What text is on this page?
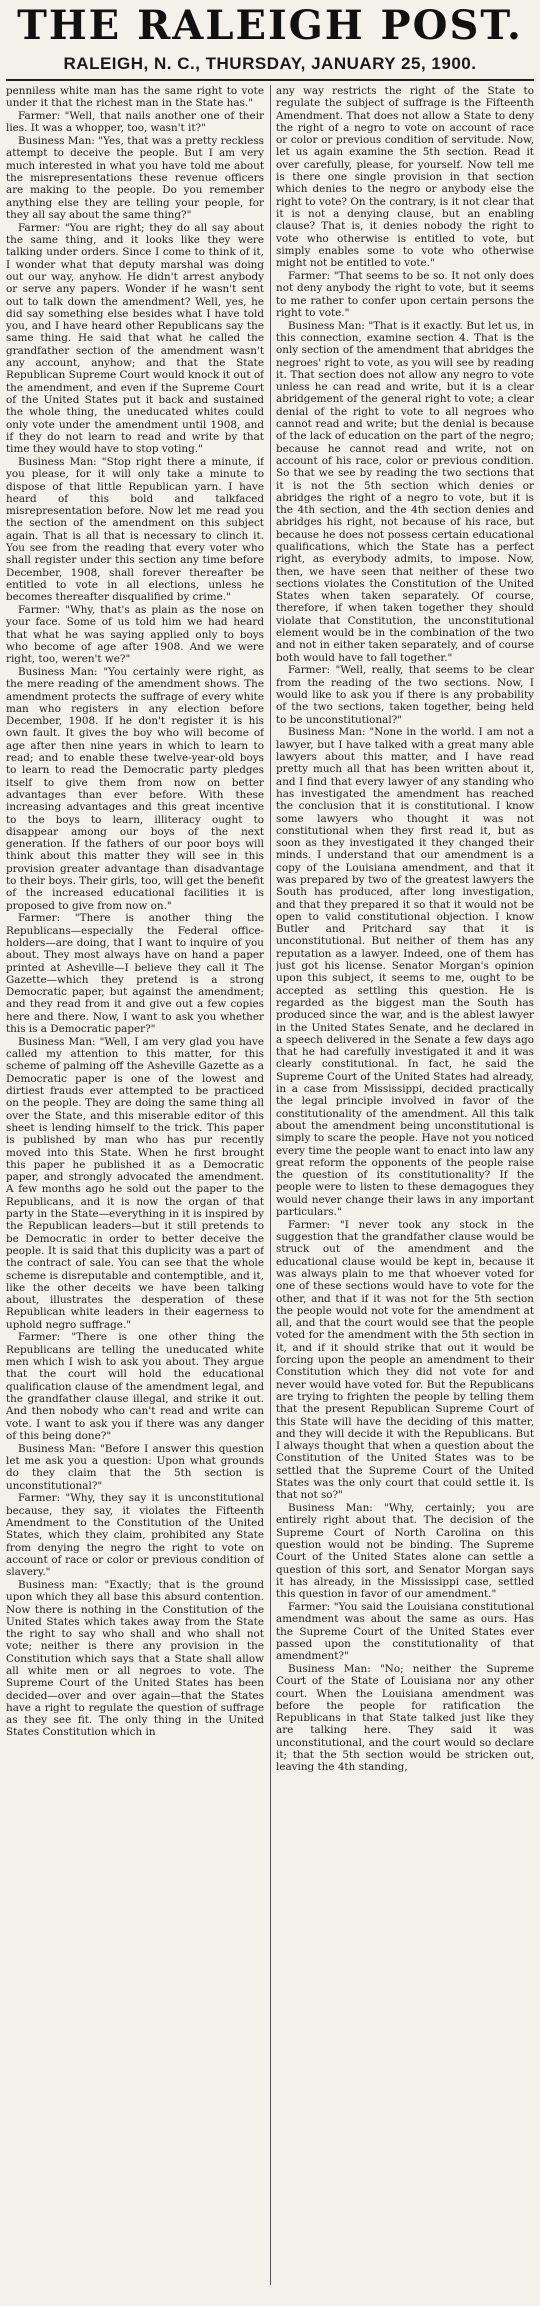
THE RALEIGH POST.
RALEIGH, N. C., THURSDAY, JANUARY 25, 1900.

penniless white man has the same right to vote under it that the richest man in the State has."

Farmer: "Well, that nails another one of their lies. It was a whopper, too, wasn't it?"

Business Man: "Yes, that was a pretty reckless attempt to deceive the people. But I am very much interested in what you have told me about the misrepresentations these revenue officers are making to the people. Do you remember anything else they are telling your people, for they all say about the same thing?"

Farmer: "You are right; they do all say about the same thing, and it looks like they were talking under orders. Since I come to think of it, I wonder what that deputy marshal was doing out our way, anyhow. He didn't arrest anybody or serve any papers. Wonder if he wasn't sent out to talk down the amendment? Well, yes, he did say something else besides what I have told you, and I have heard other Republicans say the same thing. He said that what he called the grandfather section of the amendment wasn't any account, anyhow; and that the State Republican Supreme Court would knock it out of the amendment, and even if the Supreme Court of the United States put it back and sustained the whole thing, the uneducated whites could only vote under the amendment until 1908, and if they do not learn to read and write by that time they would have to stop voting."

Business Man: "Stop right there a minute, if you please, for it will only take a minute to dispose of that little Republican yarn. I have heard of this bold and talkfaced misrepresentation before. Now let me read you the section of the amendment on this subject again. That is all that is necessary to clinch it. You see from the reading that every voter who shall register under this section any time before December, 1908, shall forever thereafter be entitled to vote in all elections, unless he becomes thereafter disqualified by crime."

Farmer: "Why, that's as plain as the nose on your face. Some of us told him we had heard that what he was saying applied only to boys who become of age after 1908. And we were right, too, weren't we?"

Business Man: "You certainly were right, as the mere reading of the amendment shows. The amendment protects the suffrage of every white man who registers in any election before December, 1908. If he don't register it is his own fault. It gives the boy who will become of age after then nine years in which to learn to read; and to enable these twelve-year-old boys to learn to read the Democratic party pledges itself to give them from now on better advantages than ever before. With these increasing advantages and this great incentive to the boys to learn, illiteracy ought to disappear among our boys of the next generation. If the fathers of our poor boys will think about this matter they will see in this provision greater advantage than disadvantage to their boys. Their girls, too, will get the benefit of the increased educational facilities it is proposed to give from now on."

Farmer: "There is another thing the Republicans—especially the Federal office-holders—are doing, that I want to inquire of you about. They most always have on hand a paper printed at Asheville—I believe they call it The Gazette—which they pretend is a strong Democratic paper, but against the amendment; and they read from it and give out a few copies here and there. Now, I want to ask you whether this is a Democratic paper?"

Business Man: "Well, I am very glad you have called my attention to this matter, for this scheme of palming off the Asheville Gazette as a Democratic paper is one of the lowest and dirtiest frauds ever attempted to be practiced on the people. They are doing the same thing all over the State, and this miserable editor of this sheet is lending himself to the trick. This paper is published by man who has pur recently moved into this State. When he first brought this paper he published it as a Democratic paper, and strongly advocated the amendment. A few months ago he sold out the paper to the Republicans, and it is now the organ of that party in the State—everything in it is inspired by the Republican leaders—but it still pretends to be Democratic in order to better deceive the people. It is said that this duplicity was a part of the contract of sale. You can see that the whole scheme is disreputable and contemptible, and it, like the other deceits we have been talking about, illustrates the desperation of these Republican white leaders in their eagerness to uphold negro suffrage."

Farmer: "There is one other thing the Republicans are telling the uneducated white men which I wish to ask you about. They argue that the court will hold the educational qualification clause of the amendment legal, and the grandfather clause illegal, and strike it out. And then nobody who can't read and write can vote. I want to ask you if there was any danger of this being done?"

Business Man: "Before I answer this question let me ask you a question: Upon what grounds do they claim that the 5th section is unconstitutional?"

Farmer: "Why, they say it is unconstitutional because, they say, it violates the Fifteenth Amendment to the Constitution of the United States, which they claim, prohibited any State from denying the negro the right to vote on account of race or color or previous condition of slavery."

Business man: "Exactly; that is the ground upon which they all base this absurd contention. Now there is nothing in the Constitution of the United States which takes away from the State the right to say who shall and who shall not vote; neither is there any provision in the Constitution which says that a State shall allow all white men or all negroes to vote. The Supreme Court of the United States has been decided—over and over again—that the States have a right to regulate the question of suffrage as they see fit. The only thing in the United States Constitution which in

any way restricts the right of the State to regulate the subject of suffrage is the Fifteenth Amendment. That does not allow a State to deny the right of a negro to vote on account of race or color or previous condition of servitude. Now, let us again examine the 5th section. Read it over carefully, please, for yourself. Now tell me is there one single provision in that section which denies to the negro or anybody else the right to vote? On the contrary, is it not clear that it is not a denying clause, but an enabling clause? That is, it denies nobody the right to vote who otherwise is entitled to vote, but simply enables some to vote who otherwise might not be entitled to vote."

Farmer: "That seems to be so. It not only does not deny anybody the right to vote, but it seems to me rather to confer upon certain persons the right to vote."

Business Man: "That is it exactly. But let us, in this connection, examine section 4. That is the only section of the amendment that abridges the negroes' right to vote, as you will see by reading it. That section does not allow any negro to vote unless he can read and write, but it is a clear abridgement of the general right to vote; a clear denial of the right to vote to all negroes who cannot read and write; but the denial is because of the lack of education on the part of the negro; because he cannot read and write, not on account of his race, color or previous condition. So that we see by reading the two sections that it is not the 5th section which denies or abridges the right of a negro to vote, but it is the 4th section, and the 4th section denies and abridges his right, not because of his race, but because he does not possess certain educational qualifications, which the State has a perfect right, as everybody admits, to impose. Now, then, we have seen that neither of these two sections violates the Constitution of the United States when taken separately. Of course, therefore, if when taken together they should violate that Constitution, the unconstitutional element would be in the combination of the two and not in either taken separately, and of course both would have to fall together."

Farmer: "Well, really, that seems to be clear from the reading of the two sections. Now, I would like to ask you if there is any probability of the two sections, taken together, being held to be unconstitutional?"

Business Man: "None in the world. I am not a lawyer, but I have talked with a great many able lawyers about this matter, and I have read pretty much all that has been written about it, and I find that every lawyer of any standing who has investigated the amendment has reached the conclusion that it is constitutional. I know some lawyers who thought it was not constitutional when they first read it, but as soon as they investigated it they changed their minds. I understand that our amendment is a copy of the Louisiana amendment, and that it was prepared by two of the greatest lawyers the South has produced, after long investigation, and that they prepared it so that it would not be open to valid constitutional objection. I know Butler and Pritchard say that it is unconstitutional. But neither of them has any reputation as a lawyer. Indeed, one of them has just got his license. Senator Morgan's opinion upon this subject, it seems to me, ought to be accepted as settling this question. He is regarded as the biggest man the South has produced since the war, and is the ablest lawyer in the United States Senate, and he declared in a speech delivered in the Senate a few days ago that he had carefully investigated it and it was clearly constitutional. In fact, he said the Supreme Court of the United States had already, in a case from Mississippi, decided practically the legal principle involved in favor of the constitutionality of the amendment. All this talk about the amendment being unconstitutional is simply to scare the people. Have not you noticed every time the people want to enact into law any great reform the opponents of the people raise the question of its constitutionality? If the people were to listen to these demagogues they would never change their laws in any important particulars."

Farmer: "I never took any stock in the suggestion that the grandfather clause would be struck out of the amendment and the educational clause would be kept in, because it was always plain to me that whoever voted for one of these sections would have to vote for the other, and that if it was not for the 5th section the people would not vote for the amendment at all, and that the court would see that the people voted for the amendment with the 5th section in it, and if it should strike that out it would be forcing upon the people an amendment to their Constitution which they did not vote for and never would have voted for. But the Republicans are trying to frighten the people by telling them that the present Republican Supreme Court of this State will have the deciding of this matter, and they will decide it with the Republicans. But I always thought that when a question about the Constitution of the United States was to be settled that the Supreme Court of the United States was the only court that could settle it. Is that not so?"

Business Man: "Why, certainly; you are entirely right about that. The decision of the Supreme Court of North Carolina on this question would not be binding. The Supreme Court of the United States alone can settle a question of this sort, and Senator Morgan says it has already, in the Mississippi case, settled this question in favor of our amendment."

Farmer: "You said the Louisiana constitutional amendment was about the same as ours. Has the Supreme Court of the United States ever passed upon the constitutionality of that amendment?"

Business Man: "No; neither the Supreme Court of the State of Louisiana nor any other court. When the Louisiana amendment was before the people for ratification the Republicans in that State talked just like they are talking here. They said it was unconstitutional, and the court would so declare it; that the 5th section would be stricken out, leaving the 4th standing,
